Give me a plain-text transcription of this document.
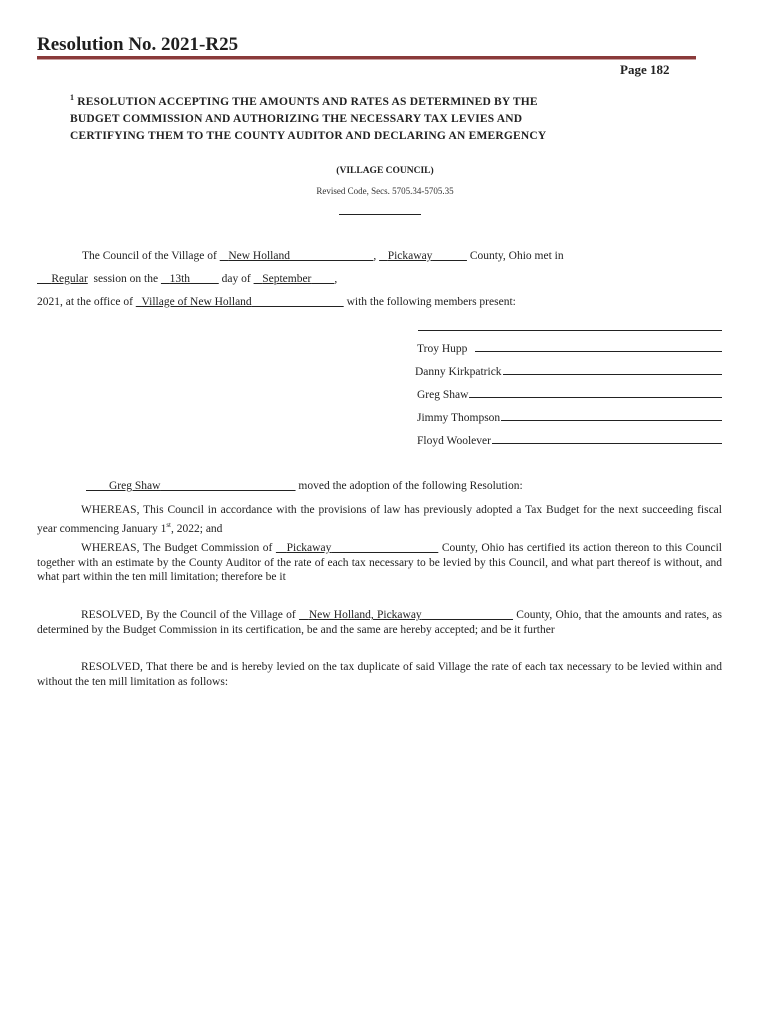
Resolution No. 2021-R25
Page 182
$^1$ RESOLUTION ACCEPTING THE AMOUNTS AND RATES AS DETERMINED BY THE
BUDGET COMMISSION AND AUTHORIZING THE NECESSARY TAX LEVIES AND
CERTIFYING THEM TO THE COUNTY AUDITOR AND DECLARING AN EMERGENCY
(VILLAGE COUNCIL)
Revised Code, Secs. 5705.34-5705.35
The Council of the Village of    New Holland	,    Pickaway	County, Ohio met in
Regular  session on the    13th	day of    September ,
2021, at the office of   Village of New Holland	with the following members present:
Troy Hupp
Danny Kirkpatrick
Greg Shaw
Jimmy Thompson
Floyd Woolever
Greg Shaw	moved the adoption of the following Resolution:
WHEREAS, This Council in accordance with the provisions of law has previously adopted a Tax Budget for the next succeeding fiscal year commencing January 1st, 2022; and
WHEREAS, The Budget Commission of    Pickaway	County, Ohio has certified its action thereon to this Council together with an estimate by the County Auditor of the rate of each tax necessary to be levied by this Council, and what part thereof is without, and what part within the ten mill limitation; therefore be it
RESOLVED, By the Council of the Village of    New Holland, Pickaway	County, Ohio, that the amounts and rates, as determined by the Budget Commission in its certification, be and the same are hereby accepted; and be it further
RESOLVED, That there be and is hereby levied on the tax duplicate of said Village the rate of each tax necessary to be levied within and without the ten mill limitation as follows:
